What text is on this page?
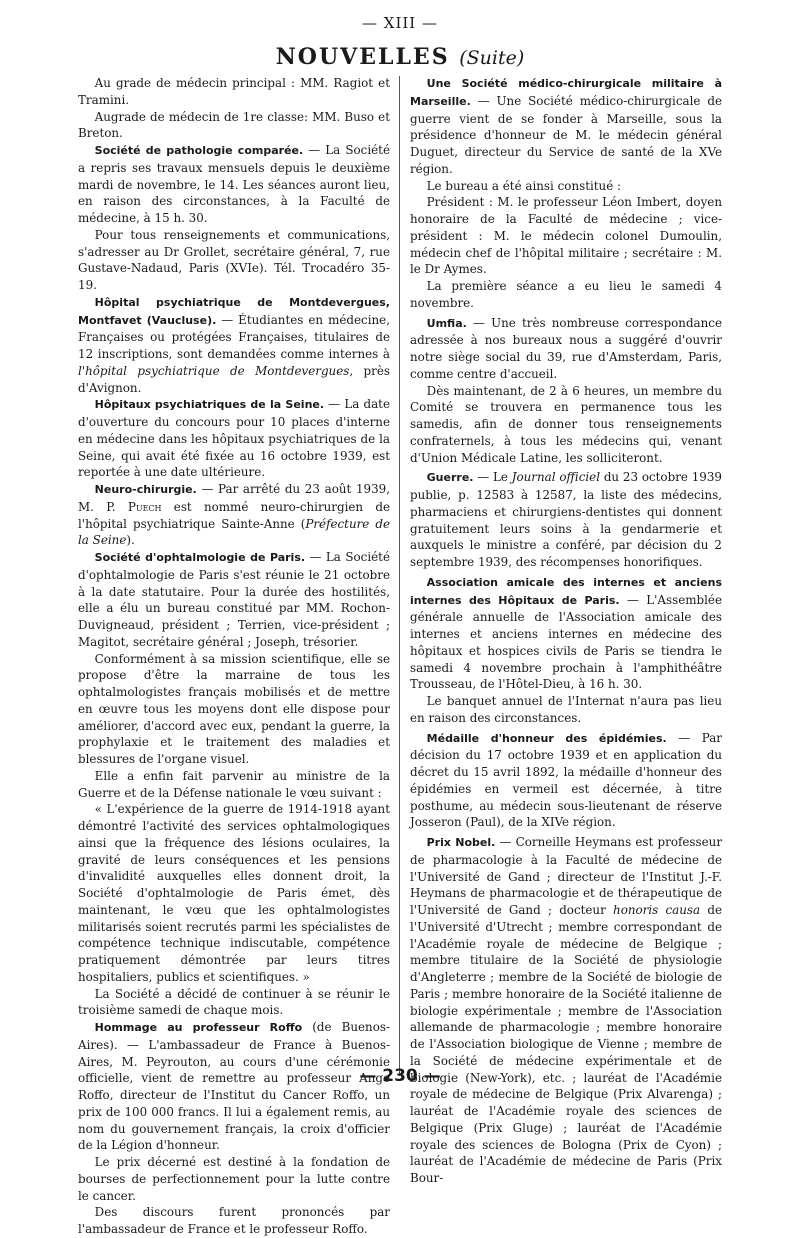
— XIII —
NOUVELLES (Suite)

Au grade de médecin principal : MM. Ragiot et Tramini.

Augrade de médecin de 1re classe: MM. Buso et Breton.

Société de pathologie comparée. — La Société a repris ses travaux mensuels depuis le deuxième mardi de novembre, le 14. Les séances auront lieu, en raison des circonstances, à la Faculté de médecine, à 15 h. 30.

Pour tous renseignements et communications, s'adresser au Dr Grollet, secrétaire général, 7, rue Gustave-Nadaud, Paris (XVIe). Tél. Trocadéro 35-19.

Hôpital psychiatrique de Montdevergues, Montfavet (Vaucluse). — Étudiantes en médecine, Françaises ou protégées Françaises, titulaires de 12 inscriptions, sont demandées comme internes à l'hôpital psychiatrique de Montdevergues, près d'Avignon.

Hôpitaux psychiatriques de la Seine. — La date d'ouverture du concours pour 10 places d'interne en médecine dans les hôpitaux psychiatriques de la Seine, qui avait été fixée au 16 octobre 1939, est reportée à une date ultérieure.

Neuro-chirurgie. — Par arrêté du 23 août 1939, M. P. Puech est nommé neuro-chirurgien de l'hôpital psychiatrique Sainte-Anne (Préfecture de la Seine).

Société d'ophtalmologie de Paris. — La Société d'ophtalmologie de Paris s'est réunie le 21 octobre à la date statutaire. Pour la durée des hostilités, elle a élu un bureau constitué par MM. Rochon-Duvigneaud, président ; Terrien, vice-président ; Magitot, secrétaire général ; Joseph, trésorier.

Conformément à sa mission scientifique, elle se propose d'être la marraine de tous les ophtalmologistes français mobilisés et de mettre en œuvre tous les moyens dont elle dispose pour améliorer, d'accord avec eux, pendant la guerre, la prophylaxie et le traitement des maladies et blessures de l'organe visuel.

Elle a enfin fait parvenir au ministre de la Guerre et de la Défense nationale le vœu suivant :

« L'expérience de la guerre de 1914-1918 ayant démontré l'activité des services ophtalmologiques ainsi que la fréquence des lésions oculaires, la gravité de leurs conséquences et les pensions d'invalidité auxquelles elles donnent droit, la Société d'ophtalmologie de Paris émet, dès maintenant, le vœu que les ophtalmologistes militarisés soient recrutés parmi les spécialistes de compétence technique indiscutable, compétence pratiquement démontrée par leurs titres hospitaliers, publics et scientifiques. »

La Société a décidé de continuer à se réunir le troisième samedi de chaque mois.

Hommage au professeur Roffo (de Buenos-Aires). — L'ambassadeur de France à Buenos-Aires, M. Peyrouton, au cours d'une cérémonie officielle, vient de remettre au professeur Ange Roffo, directeur de l'Institut du Cancer Roffo, un prix de 100 000 francs. Il lui a également remis, au nom du gouvernement français, la croix d'officier de la Légion d'honneur.

Le prix décerné est destiné à la fondation de bourses de perfectionnement pour la lutte contre le cancer.

Des discours furent prononcés par l'ambassadeur de France et le professeur Roffo.

Une Société médico-chirurgicale militaire à Marseille. — Une Société médico-chirurgicale de guerre vient de se fonder à Marseille, sous la présidence d'honneur de M. le médecin général Duguet, directeur du Service de santé de la XVe région.

Le bureau a été ainsi constitué :

Président : M. le professeur Léon Imbert, doyen honoraire de la Faculté de médecine ; vice-président : M. le médecin colonel Dumoulin, médecin chef de l'hôpital militaire ; secrétaire : M. le Dr Aymes.

La première séance a eu lieu le samedi 4 novembre.

Umfia. — Une très nombreuse correspondance adressée à nos bureaux nous a suggéré d'ouvrir notre siège social du 39, rue d'Amsterdam, Paris, comme centre d'accueil.

Dès maintenant, de 2 à 6 heures, un membre du Comité se trouvera en permanence tous les samedis, afin de donner tous renseignements confraternels, à tous les médecins qui, venant d'Union Médicale Latine, les solliciteront.

Guerre. — Le Journal officiel du 23 octobre 1939 publie, p. 12583 à 12587, la liste des médecins, pharmaciens et chirurgiens-dentistes qui donnent gratuitement leurs soins à la gendarmerie et auxquels le ministre a conféré, par décision du 2 septembre 1939, des récompenses honorifiques.

Association amicale des internes et anciens internes des Hôpitaux de Paris. — L'Assemblée générale annuelle de l'Association amicale des internes et anciens internes en médecine des hôpitaux et hospices civils de Paris se tiendra le samedi 4 novembre prochain à l'amphithéâtre Trousseau, de l'Hôtel-Dieu, à 16 h. 30.

Le banquet annuel de l'Internat n'aura pas lieu en raison des circonstances.

Médaille d'honneur des épidémies. — Par décision du 17 octobre 1939 et en application du décret du 15 avril 1892, la médaille d'honneur des épidémies en vermeil est décernée, à titre posthume, au médecin sous-lieutenant de réserve Josseron (Paul), de la XIVe région.

Prix Nobel. — Corneille Heymans est professeur de pharmacologie à la Faculté de médecine de l'Université de Gand ; directeur de l'Institut J.-F. Heymans de pharmacologie et de thérapeutique de l'Université de Gand ; docteur honoris causa de l'Université d'Utrecht ; membre correspondant de l'Académie royale de médecine de Belgique ; membre titulaire de la Société de physiologie d'Angleterre ; membre de la Société de biologie de Paris ; membre honoraire de la Société italienne de biologie expérimentale ; membre de l'Association allemande de pharmacologie ; membre honoraire de l'Association biologique de Vienne ; membre de la Société de médecine expérimentale et de biologie (New-York), etc. ; lauréat de l'Académie royale de médecine de Belgique (Prix Alvarenga) ; lauréat de l'Académie royale des sciences de Belgique (Prix Gluge) ; lauréat de l'Académie royale des sciences de Bologna (Prix de Cyon) ; lauréat de l'Académie de médecine de Paris (Prix Bour-

— 230 —
